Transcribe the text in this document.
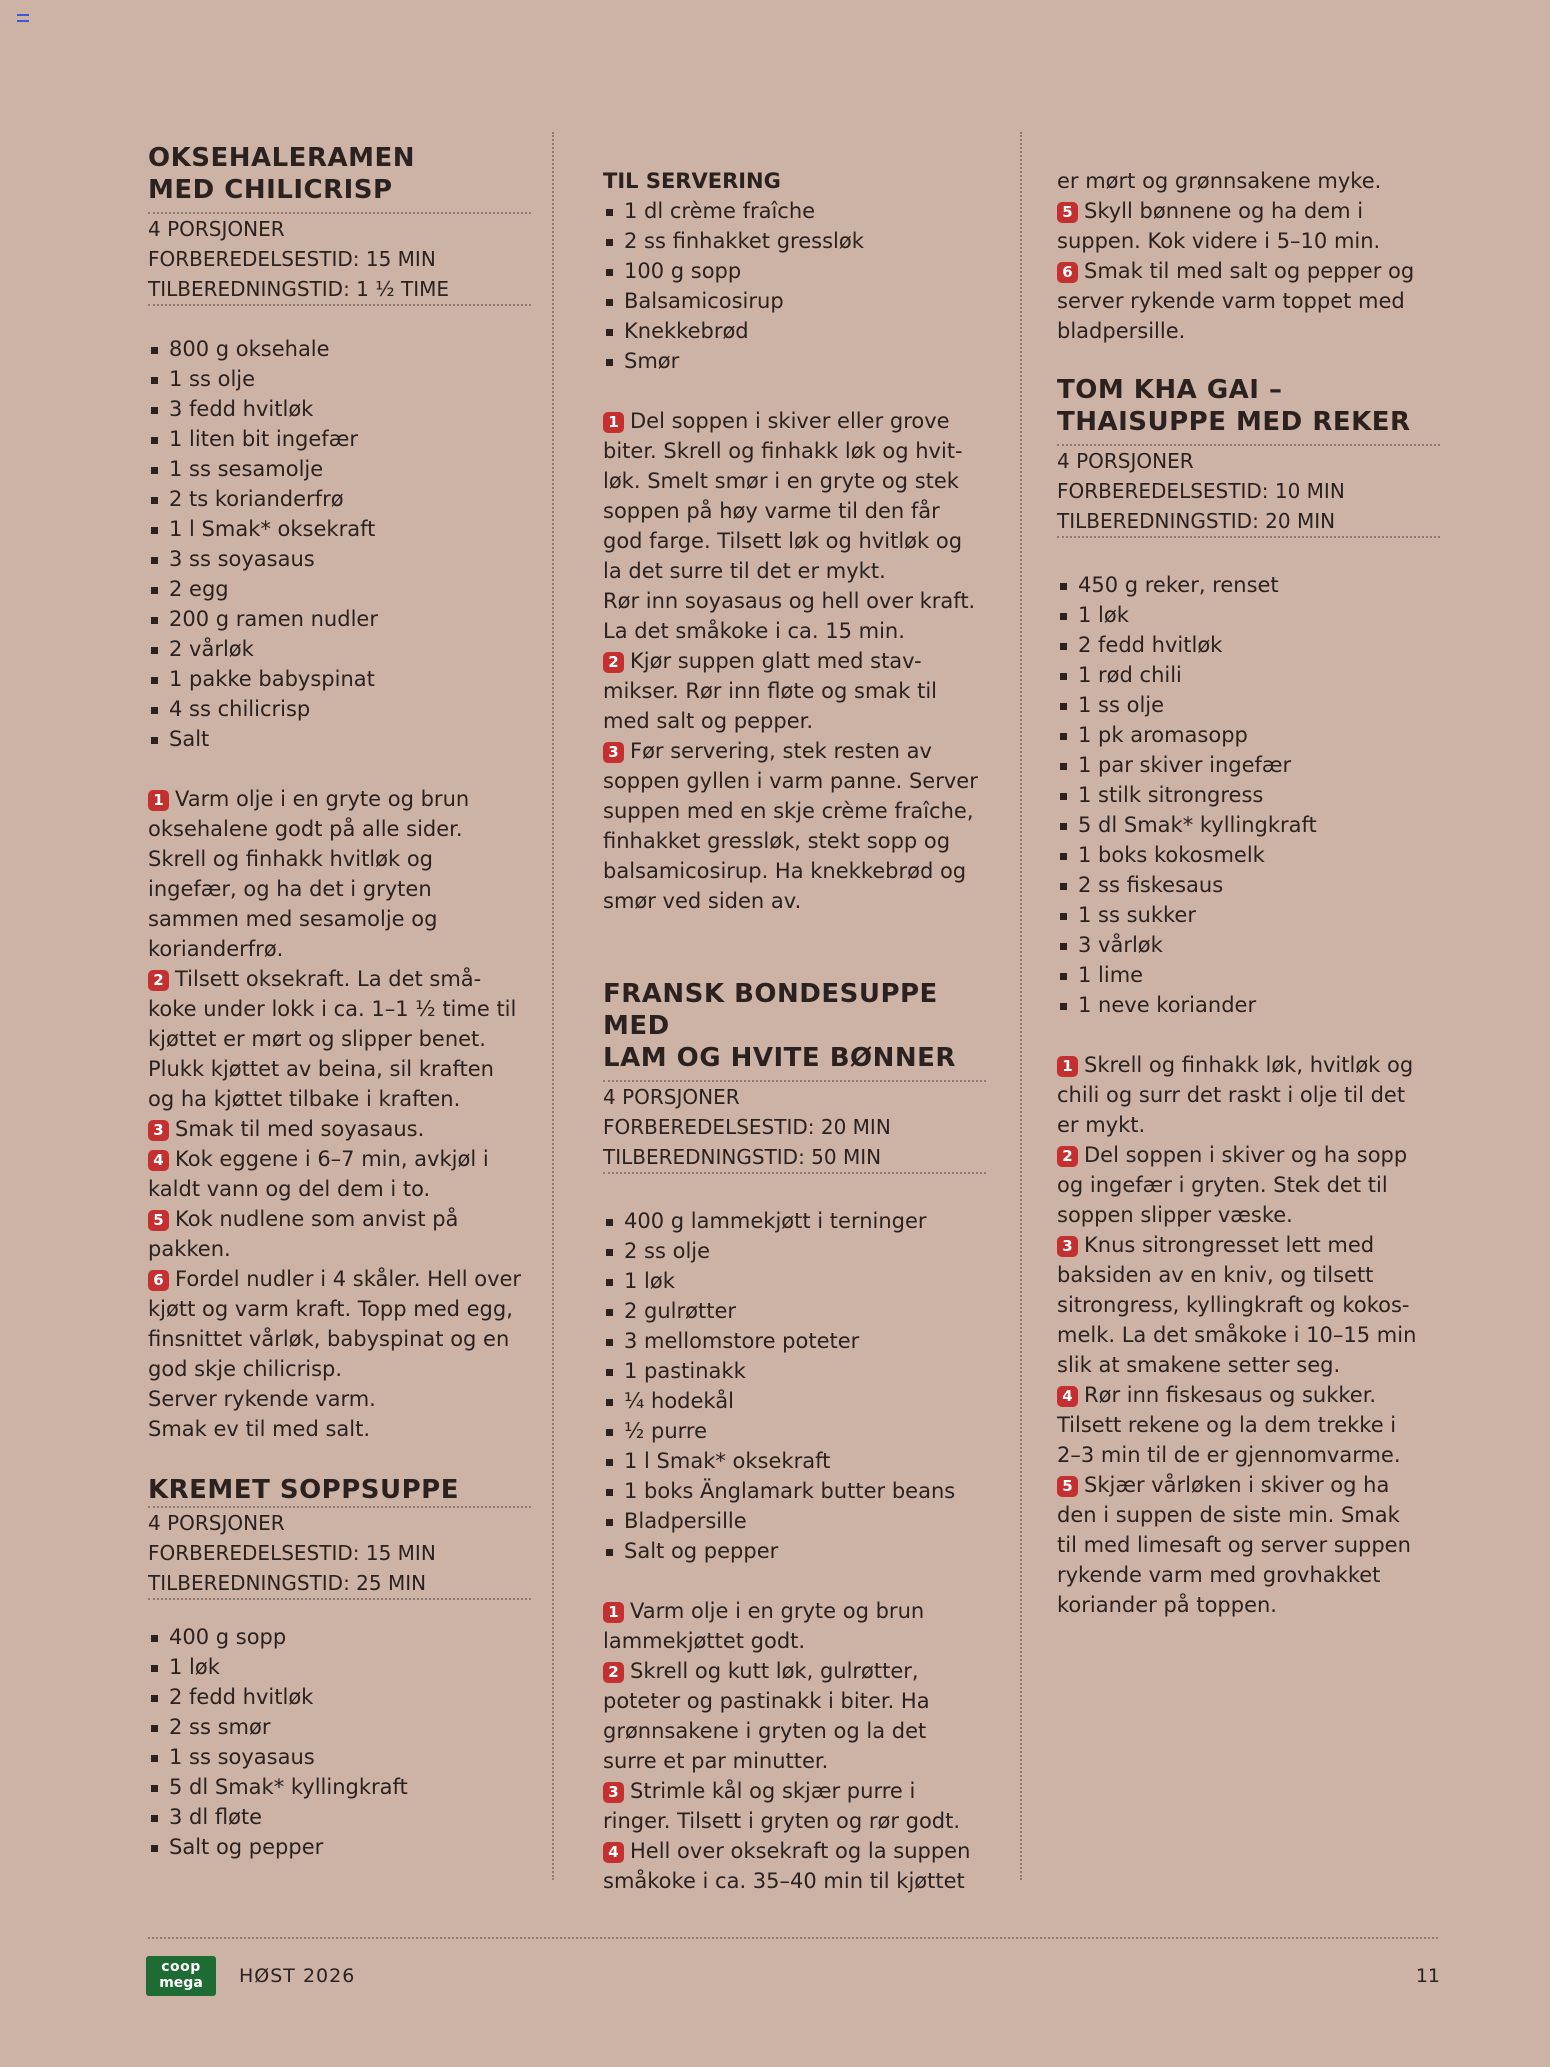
OKSEHALERAMEN
MED CHILICRISP
4 PORSJONER
FORBEREDELSESTID: 15 MIN
TILBEREDNINGSTID: 1 ½ TIME
800 g oksehale
1 ss olje
3 fedd hvitløk
1 liten bit ingefær
1 ss sesamolje
2 ts korianderfrø
1 l Smak* oksekraft
3 ss soyasaus
2 egg
200 g ramen nudler
2 vårløk
1 pakke babyspinat
4 ss chilicrisp
Salt
1 Varm olje i en gryte og brun
oksehalene godt på alle sider.
Skrell og finhakk hvitløk og
ingefær, og ha det i gryten
sammen med sesamolje og
korianderfrø.
2 Tilsett oksekraft. La det små-
koke under lokk i ca. 1–1 ½ time til
kjøttet er mørt og slipper benet.
Plukk kjøttet av beina, sil kraften
og ha kjøttet tilbake i kraften.
3 Smak til med soyasaus.
4 Kok eggene i 6–7 min, avkjøl i
kaldt vann og del dem i to.
5 Kok nudlene som anvist på
pakken.
6 Fordel nudler i 4 skåler. Hell over
kjøtt og varm kraft. Topp med egg,
finsnittet vårløk, babyspinat og en
god skje chilicrisp.
Server rykende varm.
Smak ev til med salt.
KREMET SOPPSUPPE
4 PORSJONER
FORBEREDELSESTID: 15 MIN
TILBEREDNINGSTID: 25 MIN
400 g sopp
1 løk
2 fedd hvitløk
2 ss smør
1 ss soyasaus
5 dl Smak* kyllingkraft
3 dl fløte
Salt og pepper
TIL SERVERING
1 dl crème fraîche
2 ss finhakket gressløk
100 g sopp
Balsamicosirup
Knekkebrød
Smør
1 Del soppen i skiver eller grove
biter. Skrell og finhakk løk og hvit-
løk. Smelt smør i en gryte og stek
soppen på høy varme til den får
god farge. Tilsett løk og hvitløk og
la det surre til det er mykt.
Rør inn soyasaus og hell over kraft.
La det småkoke i ca. 15 min.
2 Kjør suppen glatt med stav-
mikser. Rør inn fløte og smak til
med salt og pepper.
3 Før servering, stek resten av
soppen gyllen i varm panne. Server
suppen med en skje crème fraîche,
finhakket gressløk, stekt sopp og
balsamicosirup. Ha knekkebrød og
smør ved siden av.
FRANSK BONDESUPPE MED
LAM OG HVITE BØNNER
4 PORSJONER
FORBEREDELSESTID: 20 MIN
TILBEREDNINGSTID: 50 MIN
400 g lammekjøtt i terninger
2 ss olje
1 løk
2 gulrøtter
3 mellomstore poteter
1 pastinakk
¼ hodekål
½ purre
1 l Smak* oksekraft
1 boks Änglamark butter beans
Bladpersille
Salt og pepper
1 Varm olje i en gryte og brun
lammekjøttet godt.
2 Skrell og kutt løk, gulrøtter,
poteter og pastinakk i biter. Ha
grønnsakene i gryten og la det
surre et par minutter.
3 Strimle kål og skjær purre i
ringer. Tilsett i gryten og rør godt.
4 Hell over oksekraft og la suppen
småkoke i ca. 35–40 min til kjøttet
er mørt og grønnsakene myke.
5 Skyll bønnene og ha dem i
suppen. Kok videre i 5–10 min.
6 Smak til med salt og pepper og
server rykende varm toppet med
bladpersille.
TOM KHA GAI –
THAISUPPE MED REKER
4 PORSJONER
FORBEREDELSESTID: 10 MIN
TILBEREDNINGSTID: 20 MIN
450 g reker, renset
1 løk
2 fedd hvitløk
1 rød chili
1 ss olje
1 pk aromasopp
1 par skiver ingefær
1 stilk sitrongress
5 dl Smak* kyllingkraft
1 boks kokosmelk
2 ss fiskesaus
1 ss sukker
3 vårløk
1 lime
1 neve koriander
1 Skrell og finhakk løk, hvitløk og
chili og surr det raskt i olje til det
er mykt.
2 Del soppen i skiver og ha sopp
og ingefær i gryten. Stek det til
soppen slipper væske.
3 Knus sitrongresset lett med
baksiden av en kniv, og tilsett
sitrongress, kyllingkraft og kokos-
melk. La det småkoke i 10–15 min
slik at smakene setter seg.
4 Rør inn fiskesaus og sukker.
Tilsett rekene og la dem trekke i
2–3 min til de er gjennomvarme.
5 Skjær vårløken i skiver og ha
den i suppen de siste min. Smak
til med limesaft og server suppen
rykende varm med grovhakket
koriander på toppen.
coop
mega	HØST 2026	11
